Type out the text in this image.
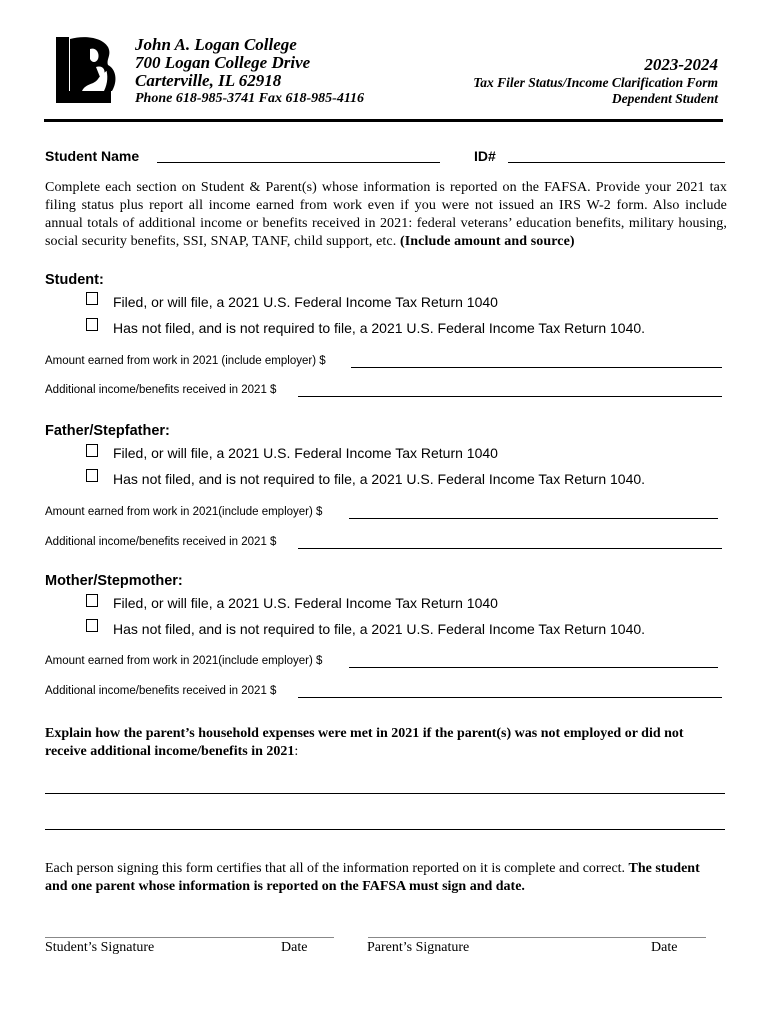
John A. Logan College
700 Logan College Drive
Carterville, IL 62918
Phone 618-985-3741 Fax 618-985-4116
2023-2024
Tax Filer Status/Income Clarification Form
Dependent Student
Student Name	ID#
Complete each section on Student & Parent(s) whose information is reported on the FAFSA. Provide your 2021 tax filing status plus report all income earned from work even if you were not issued an IRS W-2 form. Also include annual totals of additional income or benefits received in 2021: federal veterans’ education benefits, military housing, social security benefits, SSI, SNAP, TANF, child support, etc. (Include amount and source)
Student:
Filed, or will file, a 2021 U.S. Federal Income Tax Return 1040
Has not filed, and is not required to file, a 2021 U.S. Federal Income Tax Return 1040.
Amount earned from work in 2021 (include employer) $
Additional income/benefits received in 2021 $
Father/Stepfather:
Filed, or will file, a 2021 U.S. Federal Income Tax Return 1040
Has not filed, and is not required to file, a 2021 U.S. Federal Income Tax Return 1040.
Amount earned from work in 2021(include employer) $
Additional income/benefits received in 2021 $
Mother/Stepmother:
Filed, or will file, a 2021 U.S. Federal Income Tax Return 1040
Has not filed, and is not required to file, a 2021 U.S. Federal Income Tax Return 1040.
Amount earned from work in 2021(include employer) $
Additional income/benefits received in 2021 $
Explain how the parent’s household expenses were met in 2021 if the parent(s) was not employed or did not receive additional income/benefits in 2021:
Each person signing this form certifies that all of the information reported on it is complete and correct. The student and one parent whose information is reported on the FAFSA must sign and date.
Student’s Signature	Date	Parent’s Signature	Date
